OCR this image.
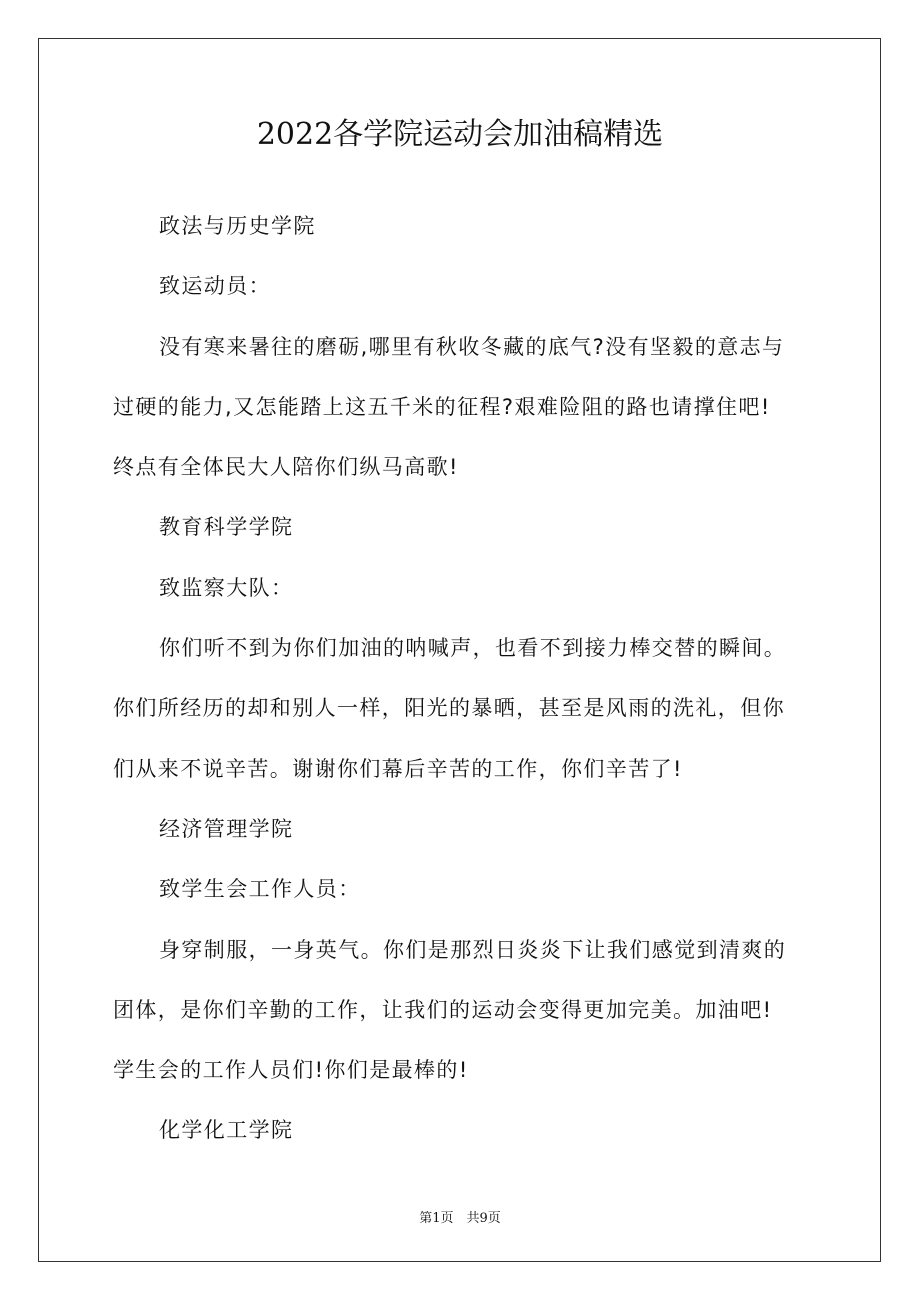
2022各学院运动会加油稿精选
政法与历史学院
致运动员：
没有寒来暑往的磨砺,哪里有秋收冬藏的底气?没有坚毅的意志与
过硬的能力,又怎能踏上这五千米的征程?艰难险阻的路也请撑住吧!
终点有全体民大人陪你们纵马高歌!
教育科学学院
致监察大队：
你们听不到为你们加油的呐喊声，也看不到接力棒交替的瞬间。
你们所经历的却和别人一样，阳光的暴晒，甚至是风雨的洗礼，但你
们从来不说辛苦。谢谢你们幕后辛苦的工作，你们辛苦了!
经济管理学院
致学生会工作人员：
身穿制服，一身英气。你们是那烈日炎炎下让我们感觉到清爽的
团体，是你们辛勤的工作，让我们的运动会变得更加完美。加油吧!
学生会的工作人员们!你们是最棒的!
化学化工学院
第1页　共9页
